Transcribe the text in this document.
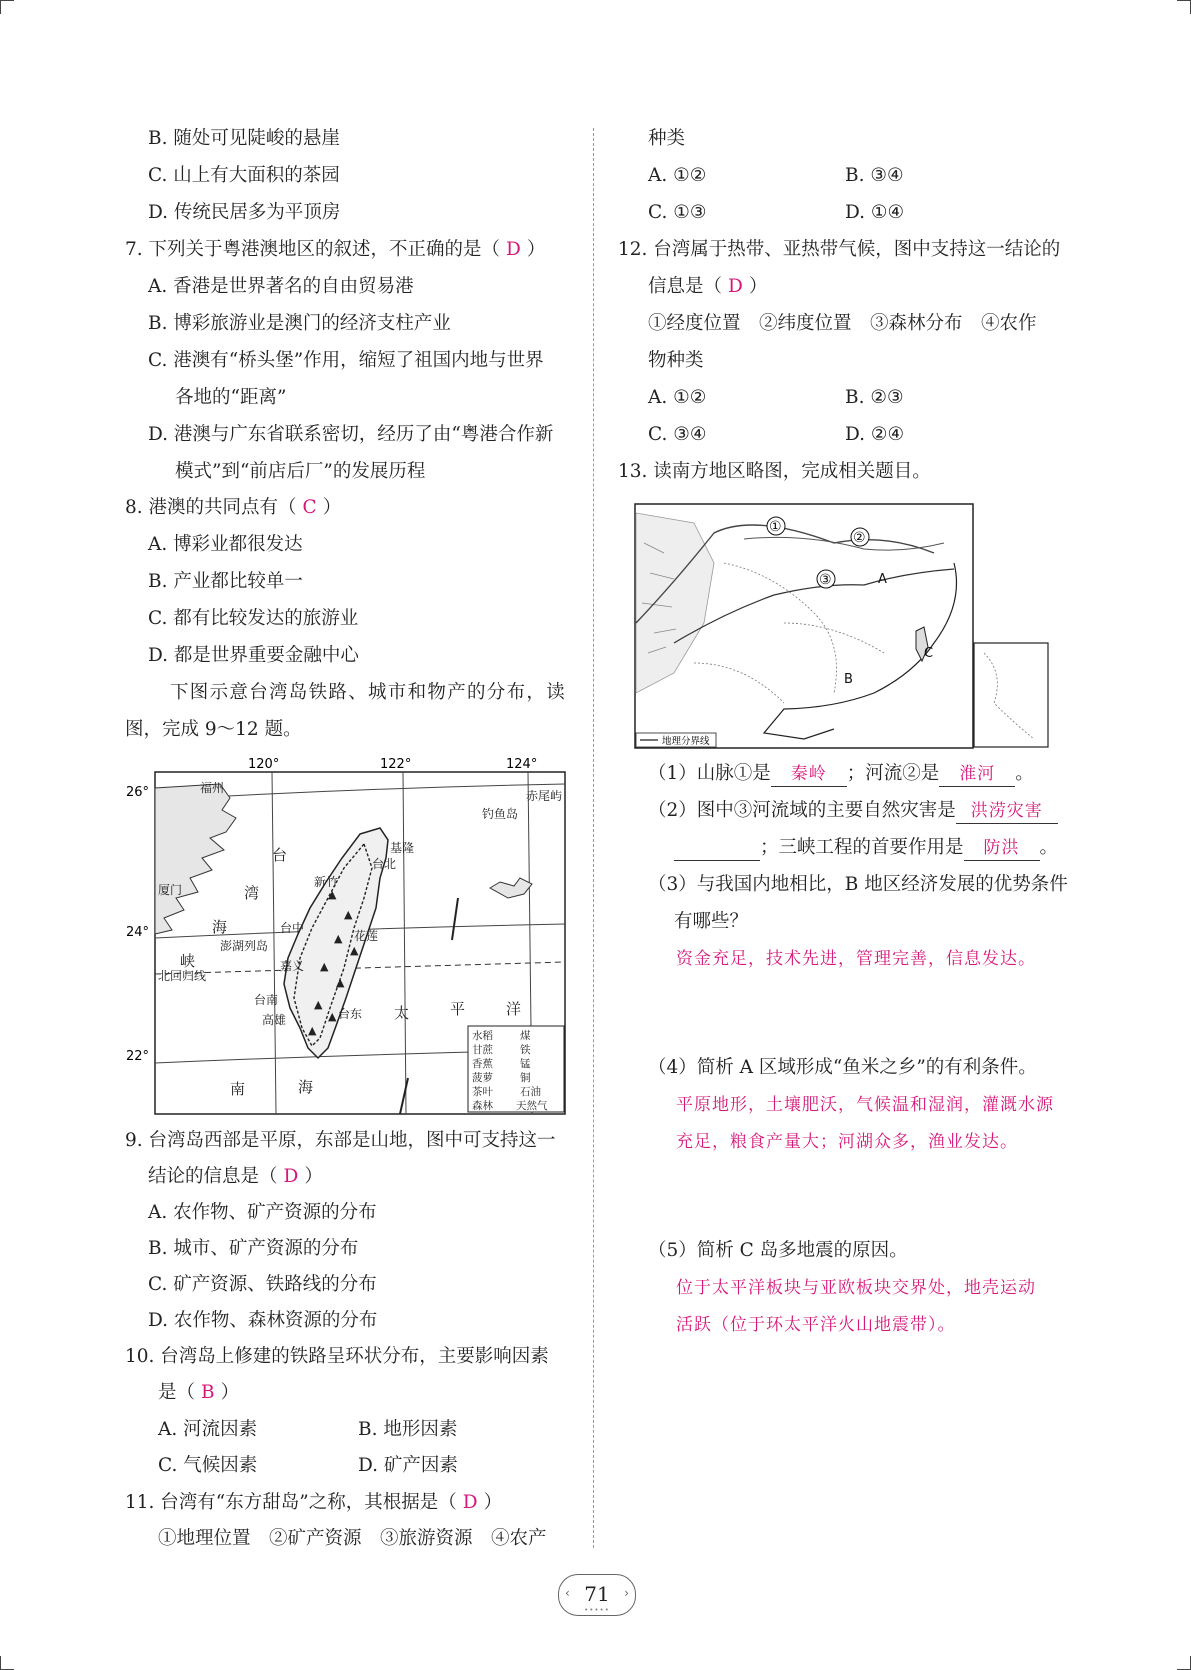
B. 随处可见陡峻的悬崖
C. 山上有大面积的茶园
D. 传统民居多为平顶房
7. 下列关于粤港澳地区的叙述，不正确的是（ D ）
A. 香港是世界著名的自由贸易港
B. 博彩旅游业是澳门的经济支柱产业
C. 港澳有“桥头堡”作用，缩短了祖国内地与世界
各地的“距离”
D. 港澳与广东省联系密切，经历了由“粤港合作新
模式”到“前店后厂”的发展历程
8. 港澳的共同点有（ C ）
A. 博彩业都很发达
B. 产业都比较单一
C. 都有比较发达的旅游业
D. 都是世界重要金融中心
下图示意台湾岛铁路、城市和物产的分布，读
图，完成 9～12 题。
▲
▲
▲
▲
▲
▲
▲
▲
▲
120°	122°	124°
26°
24°
22°
福州
赤尾屿
钓鱼岛
基隆
台北
新竹
厦门
台中
花莲
澎湖列岛
嘉义
北回归线
台南
高雄	台东
台
湾
海
峡
太	平	洋
南	海
水稻	煤
甘蔗	铁
香蕉	锰
菠萝	铜
茶叶	石油
森林 天然气
9. 台湾岛西部是平原，东部是山地，图中可支持这一
结论的信息是（ D ）
A. 农作物、矿产资源的分布
B. 城市、矿产资源的分布
C. 矿产资源、铁路线的分布
D. 农作物、森林资源的分布
10. 台湾岛上修建的铁路呈环状分布，主要影响因素
是（ B ）
A. 河流因素	B. 地形因素
C. 气候因素	D. 矿产因素
11. 台湾有“东方甜岛”之称，其根据是（ D ）
①地理位置　②矿产资源　③旅游资源　④农产
种类
A. ①②	B. ③④
C. ①③	D. ①④
12. 台湾属于热带、亚热带气候，图中支持这一结论的
信息是（ D ）
①经度位置　②纬度位置　③森林分布　④农作
物种类
A. ①②	B. ②③
C. ③④	D. ②④
13. 读南方地区略图，完成相关题目。
①
②
③	A
B
C
地理分界线
（1）山脉①是 秦岭 ；河流②是 淮河 。
（2）图中③河流域的主要自然灾害是 洪涝灾害
；三峡工程的首要作用是 防洪 。
（3）与我国内地相比，B 地区经济发展的优势条件
有哪些？
资金充足，技术先进，管理完善，信息发达。
（4）简析 A 区域形成“鱼米之乡”的有利条件。
平原地形，土壤肥沃，气候温和湿润，灌溉水源
充足，粮食产量大；河湖众多，渔业发达。
（5）简析 C 岛多地震的原因。
位于太平洋板块与亚欧板块交界处，地壳运动
活跃（位于环太平洋火山地震带）。
‹ 71	›
•••••
